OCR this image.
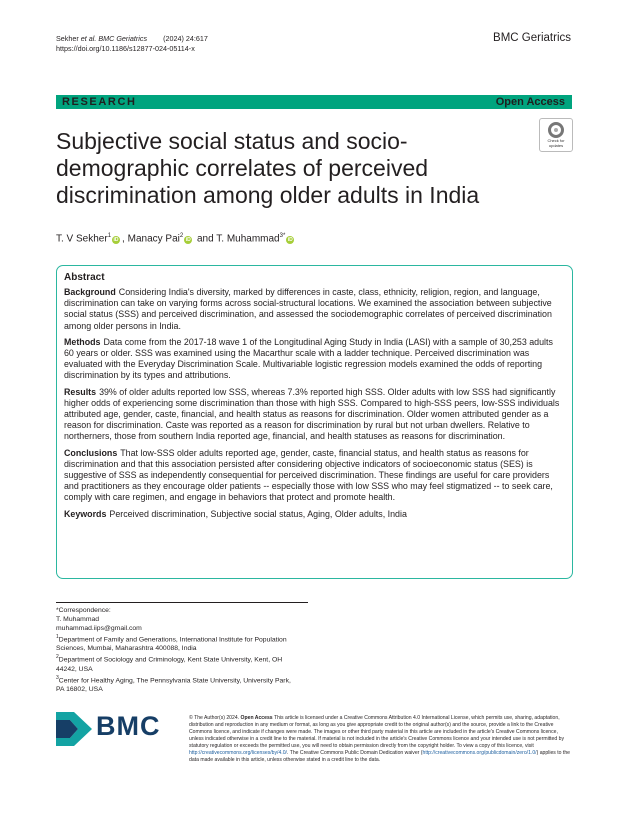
Sekher et al. BMC Geriatrics (2024) 24:617
https://doi.org/10.1186/s12877-024-05114-x
BMC Geriatrics
RESEARCH	Open Access
Subjective social status and socio-demographic correlates of perceived discrimination among older adults in India
Check for updates
T. V Sekher$^1$iD , Manacy Pai$^2$iD and T. Muhammad$^{3*}$iD
Abstract

Background Considering India's diversity, marked by differences in caste, class, ethnicity, religion, region, and language, discrimination can take on varying forms across social-structural locations. We examined the association between subjective social status (SSS) and perceived discrimination, and assessed the sociodemographic correlates of perceived discrimination among older persons in India.

Methods Data come from the 2017-18 wave 1 of the Longitudinal Aging Study in India (LASI) with a sample of 30,253 adults 60 years or older. SSS was examined using the Macarthur scale with a ladder technique. Perceived discrimination was evaluated with the Everyday Discrimination Scale. Multivariable logistic regression models examined the odds of reporting discrimination by its types and attributions.

Results 39% of older adults reported low SSS, whereas 7.3% reported high SSS. Older adults with low SSS had significantly higher odds of experiencing some discrimination than those with high SSS. Compared to high-SSS peers, low-SSS individuals attributed age, gender, caste, financial, and health status as reasons for discrimination. Older women attributed gender as a reason for discrimination. Caste was reported as a reason for discrimination by rural but not urban dwellers. Relative to northerners, those from southern India reported age, financial, and health statuses as reasons for discrimination.

Conclusions That low-SSS older adults reported age, gender, caste, financial status, and health status as reasons for discrimination and that this association persisted after considering objective indicators of socioeconomic status (SES) is suggestive of SSS as independently consequential for perceived discrimination. These findings are useful for care providers and practitioners as they encourage older patients -- especially those with low SSS who may feel stigmatized -- to seek care, comply with care regimen, and engage in behaviors that protect and promote health.

Keywords Perceived discrimination, Subjective social status, Aging, Older adults, India

*Correspondence:

T. Muhammad

muhammad.iips@gmail.com

$^1$Department of Family and Generations, International Institute for Population Sciences, Mumbai, Maharashtra 400088, India

$^2$Department of Sociology and Criminology, Kent State University, Kent, OH 44242, USA

$^3$Center for Healthy Aging, The Pennsylvania State University, University Park, PA 16802, USA

BMC	© The Author(s) 2024. Open Access This article is licensed under a Creative Commons Attribution 4.0 International License, which permits use, sharing, adaptation, distribution and reproduction in any medium or format, as long as you give appropriate credit to the original author(s) and the source, provide a link to the Creative Commons licence, and indicate if changes were made. The images or other third party material in this article are included in the article's Creative Commons licence, unless indicated otherwise in a credit line to the material. If material is not included in the article's Creative Commons licence and your intended use is not permitted by statutory regulation or exceeds the permitted use, you will need to obtain permission directly from the copyright holder. To view a copy of this licence, visit http://creativecommons.org/licenses/by/4.0/. The Creative Commons Public Domain Dedication waiver (http://creativecommons.org/publicdomain/zero/1.0/) applies to the data made available in this article, unless otherwise stated in a credit line to the data.
